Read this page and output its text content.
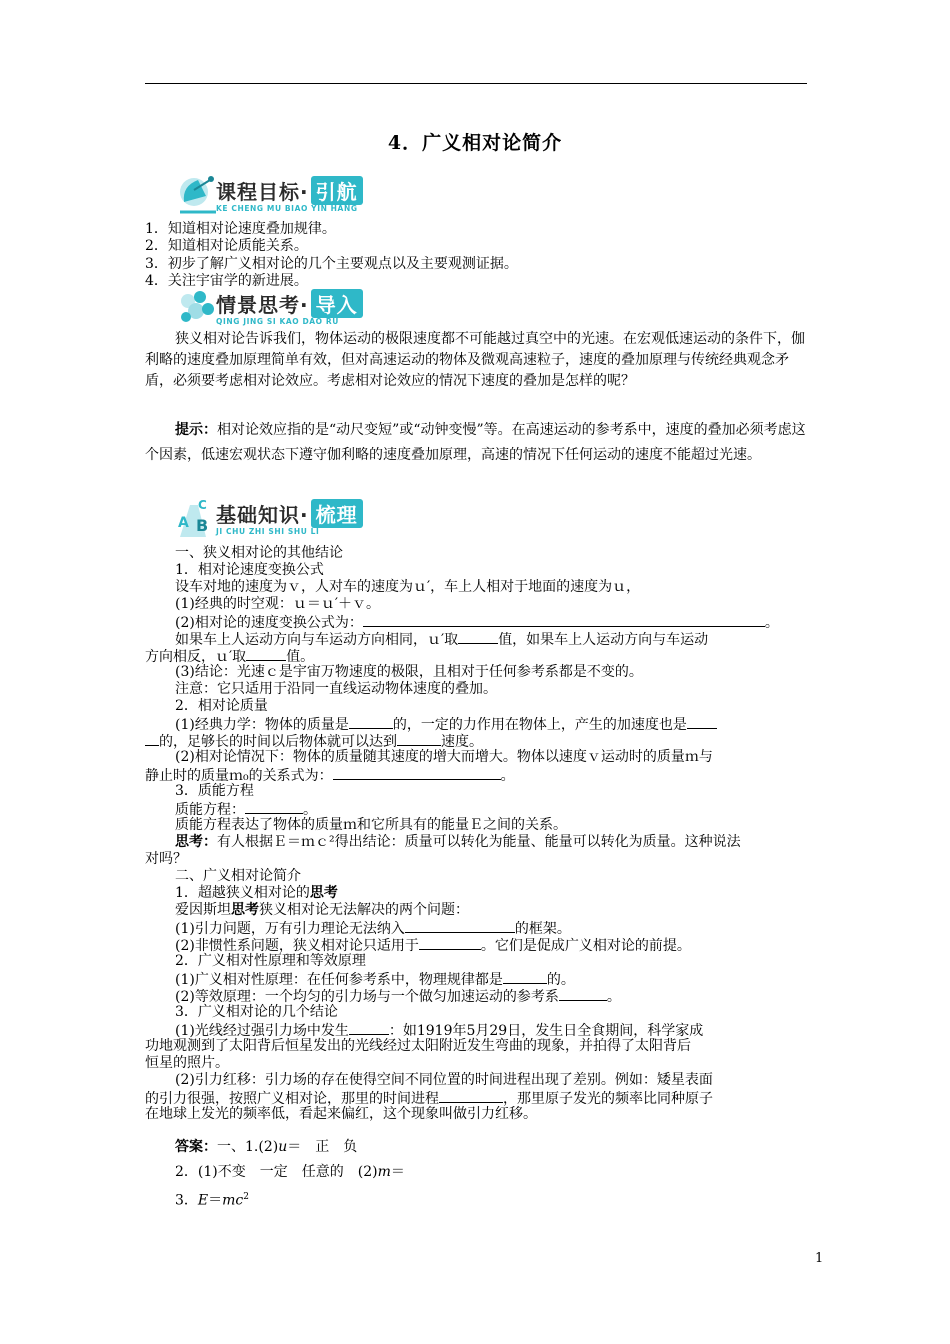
4．广义相对论简介
课程目标· 引航
KE CHENG MU BIAO YIN HANG
1．知道相对论速度叠加规律。
2．知道相对论质能关系。
3．初步了解广义相对论的几个主要观点以及主要观测证据。
4．关注宇宙学的新进展。
情景思考· 导入
QING JING SI KAO DAO RU

狭义相对论告诉我们，物体运动的极限速度都不可能越过真空中的光速。在宏观低速运动的条件下，伽利略的速度叠加原理简单有效，但对高速运动的物体及微观高速粒子，速度的叠加原理与传统经典观念矛盾，必须要考虑相对论效应。考虑相对论效应的情况下速度的叠加是怎样的呢？

提示：相对论效应指的是“动尺变短”或“动钟变慢”等。在高速运动的参考系中，速度的叠加必须考虑这个因素，低速宏观状态下遵守伽利略的速度叠加原理，高速的情况下任何运动的速度不能超过光速。

C
A B 基础知识· 梳理
JI CHU ZHI SHI SHU LI
一、狭义相对论的其他结论
1．相对论速度变换公式
设车对地的速度为ｖ，人对车的速度为ｕ′，车上人相对于地面的速度为ｕ，
(1)经典的时空观：ｕ＝ｕ′＋ｖ。
(2)相对论的速度变换公式为：	。
如果车上人运动方向与车运动方向相同，ｕ′取	值，如果车上人运动方向与车运动
方向相反，ｕ′取	值。
(3)结论：光速ｃ是宇宙万物速度的极限，且相对于任何参考系都是不变的。
注意：它只适用于沿同一直线运动物体速度的叠加。
2．相对论质量
(1)经典力学：物体的质量是	的，一定的力作用在物体上，产生的加速度也是
的，足够长的时间以后物体就可以达到	速度。
(2)相对论情况下：物体的质量随其速度的增大而增大。物体以速度ｖ运动时的质量ｍ与
静止时的质量ｍ₀的关系式为：	。
3．质能方程
质能方程：	。
质能方程表达了物体的质量ｍ和它所具有的能量Ｅ之间的关系。
思考：有人根据Ｅ＝ｍｃ²得出结论：质量可以转化为能量、能量可以转化为质量。这种说法
对吗？
二、广义相对论简介
1．超越狭义相对论的思考
爱因斯坦思考狭义相对论无法解决的两个问题：
(1)引力问题，万有引力理论无法纳入	的框架。
(2)非惯性系问题，狭义相对论只适用于	。它们是促成广义相对论的前提。
2．广义相对性原理和等效原理
(1)广义相对性原理：在任何参考系中，物理规律都是	的。
(2)等效原理：一个均匀的引力场与一个做匀加速运动的参考系	。
3．广义相对论的几个结论
(1)光线经过强引力场中发生	：如1919年5月29日，发生日全食期间，科学家成
功地观测到了太阳背后恒星发出的光线经过太阳附近发生弯曲的现象，并拍得了太阳背后
恒星的照片。
(2)引力红移：引力场的存在使得空间不同位置的时间进程出现了差别。例如：矮星表面
的引力很强，按照广义相对论，那里的时间进程	，那里原子发光的频率比同种原子
在地球上发光的频率低，看起来偏红，这个现象叫做引力红移。
答案：一、1.(2)u＝　正　负
2．(1)不变　一定　任意的　(2)m＝
3．$E=mc^2$
1
